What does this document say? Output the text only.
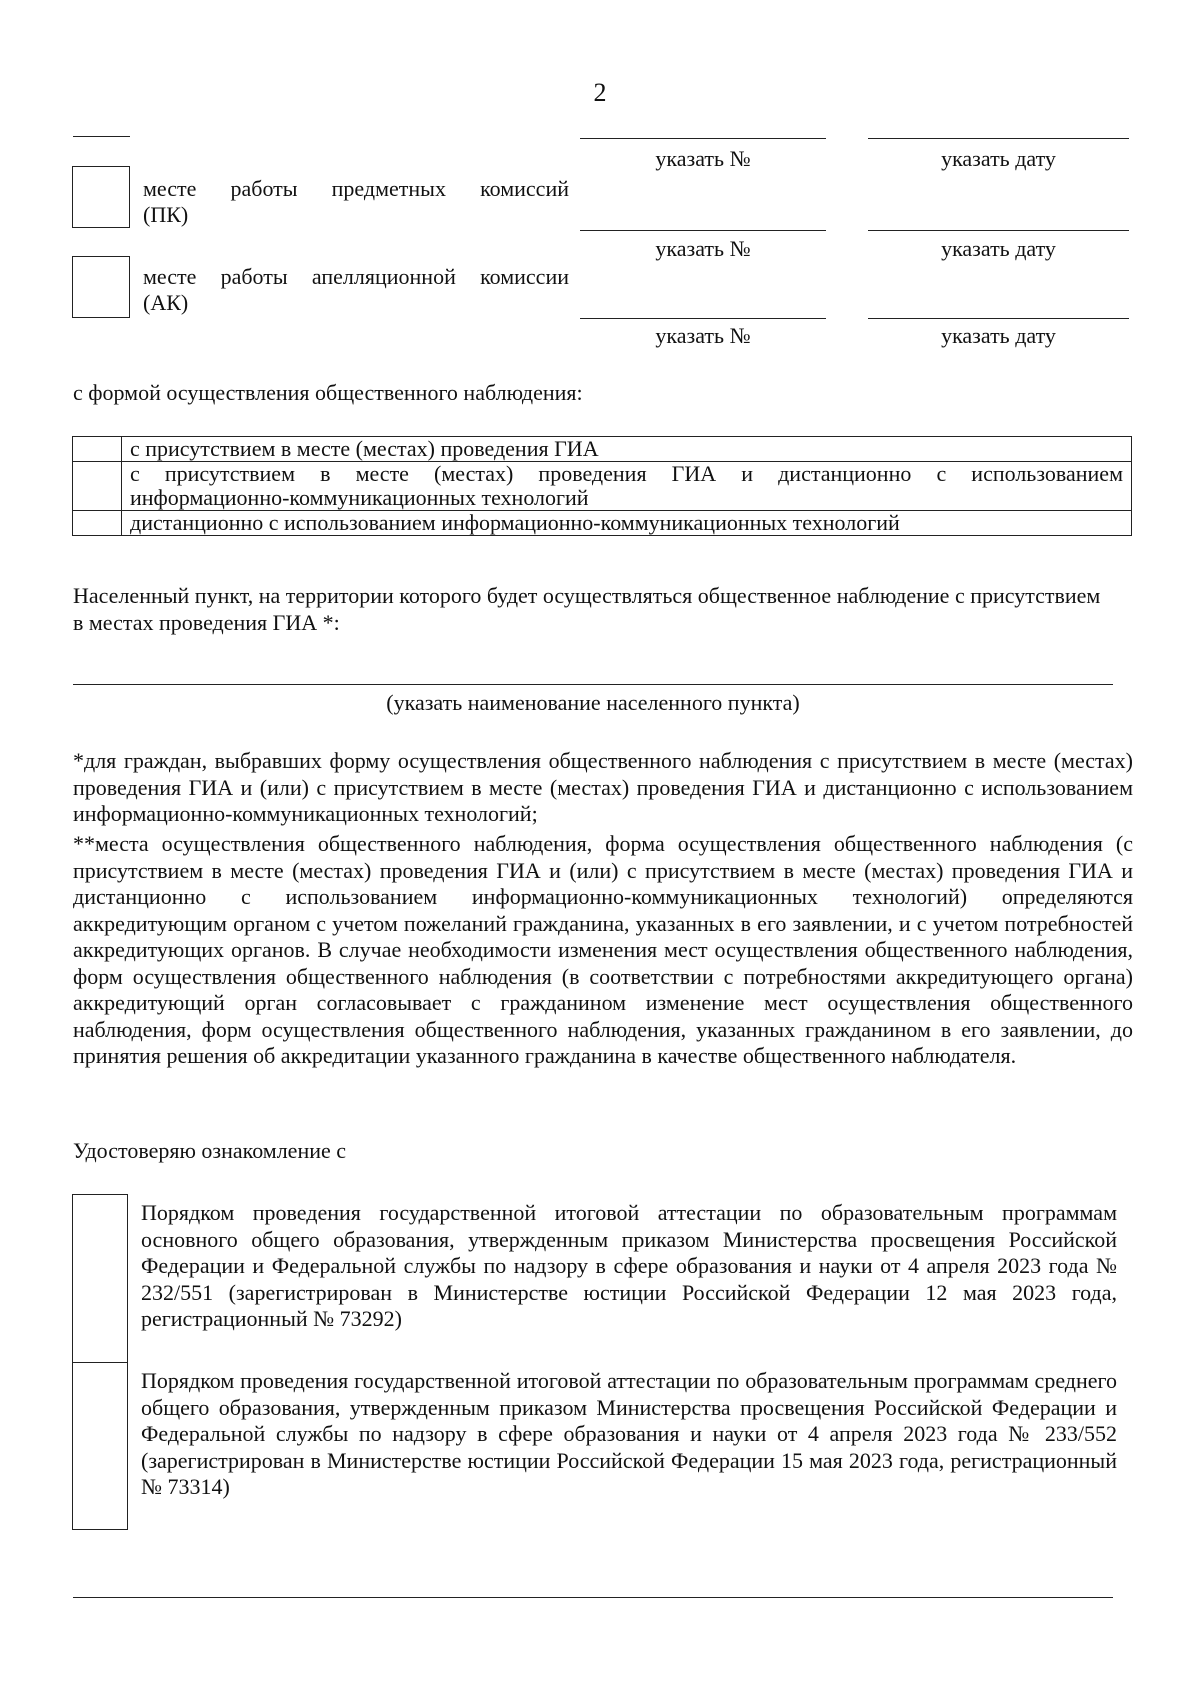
2
указать №	указать дату
месте работы предметных комиссий
(ПК)
указать №	указать дату
месте работы апелляционной комиссии
(АК)
указать №	указать дату
с формой осуществления общественного наблюдения:
	с присутствием в месте (местах) проведения ГИА

	с присутствием в месте (местах) проведения ГИА и дистанционно с использованием
информационно-коммуникационных технологий

	дистанционно с использованием информационно-коммуникационных технологий
Населенный пункт, на территории которого будет осуществляться общественное наблюдение с присутствием в местах проведения ГИА *:
(указать наименование населенного пункта)
*для граждан, выбравших форму осуществления общественного наблюдения с присутствием в месте (местах) проведения ГИА и (или) с присутствием в месте (местах) проведения ГИА и дистанционно с использованием информационно-коммуникационных технологий;
**места осуществления общественного наблюдения, форма осуществления общественного наблюдения (с присутствием в месте (местах) проведения ГИА и (или) с присутствием в месте (местах) проведения ГИА и дистанционно с использованием информационно-коммуникационных технологий) определяются аккредитующим органом с учетом пожеланий гражданина, указанных в его заявлении, и с учетом потребностей аккредитующих органов. В случае необходимости изменения мест осуществления общественного наблюдения, форм осуществления общественного наблюдения (в соответствии с потребностями аккредитующего органа) аккредитующий орган согласовывает с гражданином изменение мест осуществления общественного наблюдения, форм осуществления общественного наблюдения, указанных гражданином в его заявлении, до принятия решения об аккредитации указанного гражданина в качестве общественного наблюдателя.
Удостоверяю ознакомление с
Порядком проведения государственной итоговой аттестации по образовательным программам основного общего образования, утвержденным приказом Министерства просвещения Российской Федерации и Федеральной службы по надзору в сфере образования и науки от 4 апреля 2023 года № 232/551 (зарегистрирован в Министерстве юстиции Российской Федерации 12 мая 2023 года, регистрационный № 73292)
Порядком проведения государственной итоговой аттестации по образовательным программам среднего общего образования, утвержденным приказом Министерства просвещения Российской Федерации и Федеральной службы по надзору в сфере образования и науки от 4 апреля 2023 года № 233/552 (зарегистрирован в Министерстве юстиции Российской Федерации 15 мая 2023 года, регистрационный № 73314)
